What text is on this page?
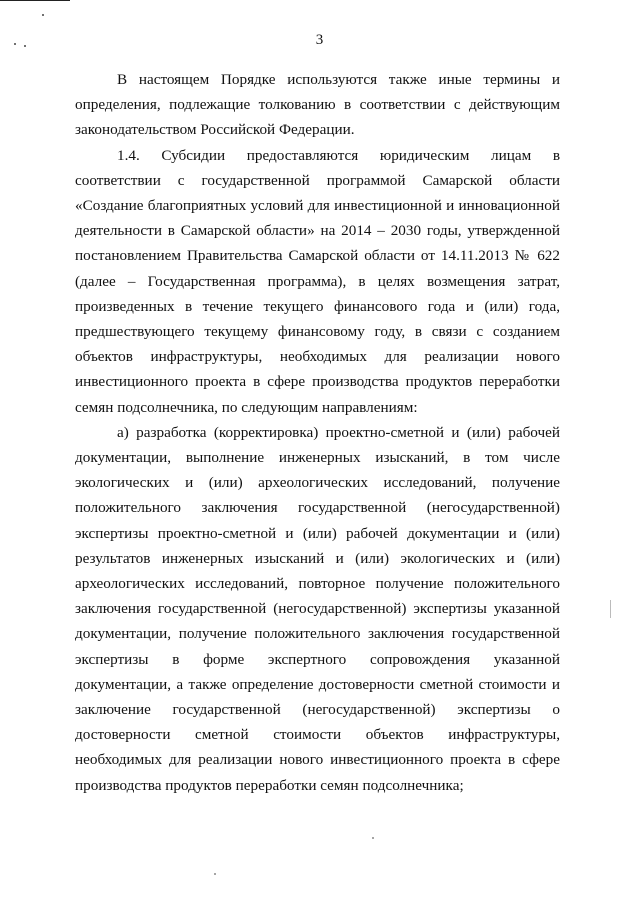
3

В настоящем Порядке используются также иные термины и определения, подлежащие толкованию в соответствии с действующим законодательством Российской Федерации.

1.4. Субсидии предоставляются юридическим лицам в соответствии с государственной программой Самарской области «Создание благоприятных условий для инвестиционной и инновационной деятельности в Самарской области» на 2014 – 2030 годы, утвержденной постановлением Правительства Самарской области от 14.11.2013 № 622 (далее – Государственная программа), в целях возмещения затрат, произведенных в течение текущего финансового года и (или) года, предшествующего текущему финансовому году, в связи с созданием объектов инфраструктуры, необходимых для реализации нового инвестиционного проекта в сфере производства продуктов переработки семян подсолнечника, по следующим направлениям:

а) разработка (корректировка) проектно-сметной и (или) рабочей документации, выполнение инженерных изысканий, в том числе экологических и (или) археологических исследований, получение положительного заключения государственной (негосударственной) экспертизы проектно-сметной и (или) рабочей документации и (или) результатов инженерных изысканий и (или) экологических и (или) археологических исследований, повторное получение положительного заключения государственной (негосударственной) экспертизы указанной документации, получение положительного заключения государственной экспертизы в форме экспертного сопровождения указанной документации, а также определение достоверности сметной стоимости и заключение государственной (негосударственной) экспертизы о достоверности сметной стоимости объектов инфраструктуры, необходимых для реализации нового инвестиционного проекта в сфере производства продуктов переработки семян подсолнечника;
